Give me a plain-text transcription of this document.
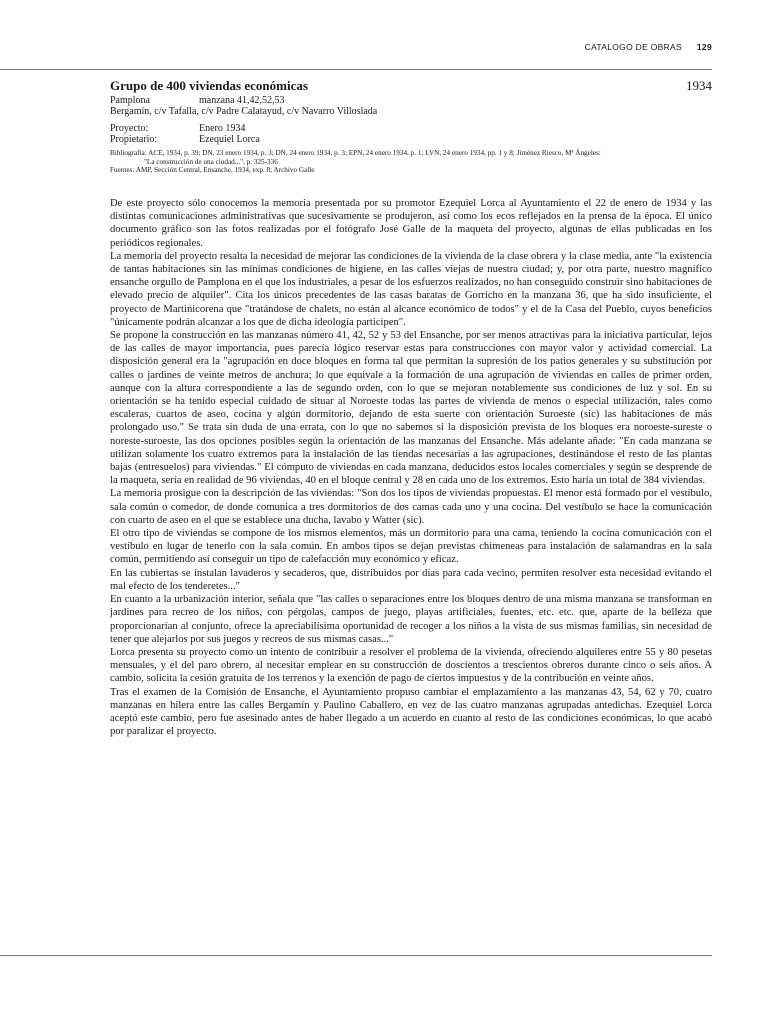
CATALOGO DE OBRAS 129
Grupo de 400 viviendas económicas	1934
Pamplona	manzana 41,42,52,53
Bergamín, c/v Tafalla, c/v Padre Calatayud, c/v Navarro Villoslada
Proyecto:	Enero 1934
Propietario:	Ezequiel Lorca
Bibliografía: ACE, 1934, p. 39; DN, 23 enero 1934, p. 3; DN, 24 enero 1934, p. 3; EPN, 24 enero 1934, p. 1; LVN, 24 enero 1934, pp. 1 y 8; Jiménez Riesco, Mª Ángeles:
"La construcción de una ciudad...", p. 325-336
Fuentes: AMP, Sección Central, Ensanche, 1934, exp. 8; Archivo Galle

De este proyecto sólo conocemos la memoria presentada por su promotor Ezequiel Lorca al Ayuntamiento el 22 de enero de 1934 y las distintas comunicaciones administrativas que sucesivamente se produjeron, así como los ecos reflejados en la prensa de la época. El único documento gráfico son las fotos realizadas por el fotógrafo José Galle de la maqueta del proyecto, algunas de ellas publicadas en los periódicos regionales.

La memoria del proyecto resalta la necesidad de mejorar las condiciones de la vivienda de la clase obrera y la clase media, ante "la existencia de tantas habitaciones sin las mínimas condiciones de higiene, en las calles viejas de nuestra ciudad; y, por otra parte, nuestro magnífico ensanche orgullo de Pamplona en el que los industriales, a pesar de los esfuerzos realizados, no han conseguido construir sino habitaciones de elevado precio de alquiler". Cita los únicos precedentes de las casas baratas de Gorricho en la manzana 36, que ha sido insuficiente, el proyecto de Martinicorena que "tratándose de chalets, no están al alcance económico de todos" y el de la Casa del Pueblo, cuyos beneficios "únicamente podrán alcanzar a los que de dicha ideología participen".

Se propone la construcción en las manzanas número 41, 42, 52 y 53 del Ensanche, por ser menos atractivas para la iniciativa particular, lejos de las calles de mayor importancia, pues parecía lógico reservar estas para construcciones con mayor valor y actividad comercial. La disposición general era la "agrupación en doce bloques en forma tal que permitan la supresión de los patios generales y su substitución por calles o jardines de veinte metros de anchura; lo que equivale a la formación de una agrupación de viviendas en calles de primer orden, aunque con la altura correspondiente a las de segundo orden, con lo que se mejoran notablemente sus condiciones de luz y sol. En su orientación se ha tenido especial cuidado de situar al Noroeste todas las partes de vivienda de menos o especial utilización, tales como escaleras, cuartos de aseo, cocina y algún dormitorio, dejando de esta suerte con orientación Suroeste (sic) las habitaciones de más prolongado uso." Se trata sin duda de una errata, con lo que no sabemos si la disposición prevista de los bloques era noroeste-sureste o noreste-suroeste, las dos opciones posibles según la orientación de las manzanas del Ensanche. Más adelante añade: "En cada manzana se utilizan solamente los cuatro extremos para la instalación de las tiendas necesarias a las agrupaciones, destinándose el resto de las plantas bajas (entresuelos) para viviendas." El cómputo de viviendas en cada manzana, deducidos estos locales comerciales y según se desprende de la maqueta, sería en realidad de 96 viviendas, 40 en el bloque central y 28 en cada uno de los extremos. Esto haría un total de 384 viviendas.

La memoria prosigue con la descripción de las viviendas: "Son dos los tipos de viviendas propuestas. El menor está formado por el vestíbulo, sala común o comedor, de donde comunica a tres dormitorios de dos camas cada uno y una cocina. Del vestíbulo se hace la comunicación con cuarto de aseo en el que se establece una ducha, lavabo y Watter (sic).

El otro tipo de viviendas se compone de los mismos elementos, más un dormitorio para una cama, teniendo la cocina comunicación con el vestíbulo en lugar de tenerlo con la sala común. En ambos tipos se dejan previstas chimeneas para instalación de salamandras en la sala común, permitiendo así conseguir un tipo de calefacción muy económico y eficaz.

En las cubiertas se instalan lavaderos y secaderos, que, distribuidos por días para cada vecino, permiten resolver esta necesidad evitando el mal efecto de los tenderetes..."

En cuanto a la urbanización interior, señala que "las calles o separaciones entre los bloques dentro de una misma manzana se transforman en jardines para recreo de los niños, con pérgolas, campos de juego, playas artificiales, fuentes, etc. etc. que, aparte de la belleza que proporcionarían al conjunto, ofrece la apreciabilísima oportunidad de recoger a los niños a la vista de sus mismas familias, sin necesidad de tener que alejarlos por sus juegos y recreos de sus mismas casas..."

Lorca presenta su proyecto como un intento de contribuir a resolver el problema de la vivienda, ofreciendo alquileres entre 55 y 80 pesetas mensuales, y el del paro obrero, al necesitar emplear en su construcción de doscientos a trescientos obreros durante cinco o seis años. A cambio, solicita la cesión gratuita de los terrenos y la exención de pago de ciertos impuestos y de la contribución en veinte años.

Tras el examen de la Comisión de Ensanche, el Ayuntamiento propuso cambiar el emplazamiento a las manzanas 43, 54, 62 y 70, cuatro manzanas en hilera entre las calles Bergamín y Paulino Caballero, en vez de las cuatro manzanas agrupadas antedichas. Ezequiel Lorca aceptó este cambio, pero fue asesinado antes de haber llegado a un acuerdo en cuanto al resto de las condiciones económicas, lo que acabó por paralizar el proyecto.
